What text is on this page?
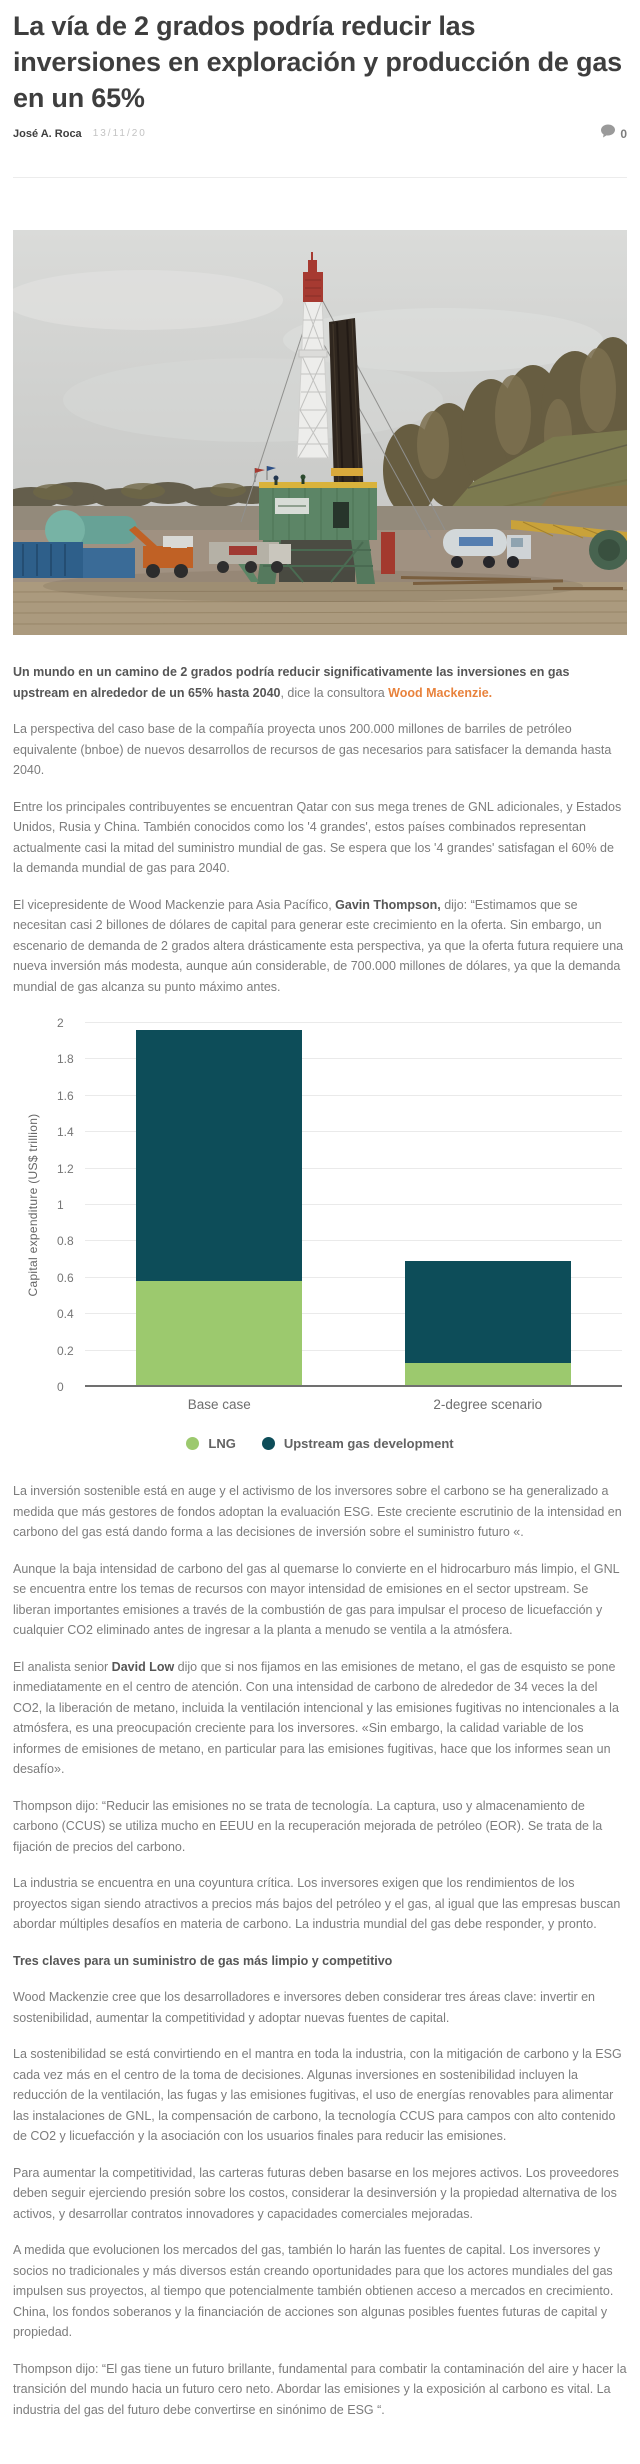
La vía de 2 grados podría reducir las inversiones en exploración y producción de gas en un 65%
José A. Roca 13/11/20	0

Un mundo en un camino de 2 grados podría reducir significativamente las inversiones en gas upstream en alrededor de un 65% hasta 2040, dice la consultora Wood Mackenzie.

La perspectiva del caso base de la compañía proyecta unos 200.000 millones de barriles de petróleo equivalente (bnboe) de nuevos desarrollos de recursos de gas necesarios para satisfacer la demanda hasta 2040.

Entre los principales contribuyentes se encuentran Qatar con sus mega trenes de GNL adicionales, y Estados Unidos, Rusia y China. También conocidos como los '4 grandes', estos países combinados representan actualmente casi la mitad del suministro mundial de gas. Se espera que los '4 grandes' satisfagan el 60% de la demanda mundial de gas para 2040.

El vicepresidente de Wood Mackenzie para Asia Pacífico, Gavin Thompson, dijo: “Estimamos que se necesitan casi 2 billones de dólares de capital para generar este crecimiento en la oferta. Sin embargo, un escenario de demanda de 2 grados altera drásticamente esta perspectiva, ya que la oferta futura requiere una nueva inversión más modesta, aunque aún considerable, de 700.000 millones de dólares, ya que la demanda mundial de gas alcanza su punto máximo antes.

Capital expenditure (US$ trillion)
0
0.2
0.4
0.6
0.8
1
1.2
1.4
1.6
1.8
2
Base case	2-degree scenario
LNG	Upstream gas development

La inversión sostenible está en auge y el activismo de los inversores sobre el carbono se ha generalizado a medida que más gestores de fondos adoptan la evaluación ESG. Este creciente escrutinio de la intensidad en carbono del gas está dando forma a las decisiones de inversión sobre el suministro futuro «.

Aunque la baja intensidad de carbono del gas al quemarse lo convierte en el hidrocarburo más limpio, el GNL se encuentra entre los temas de recursos con mayor intensidad de emisiones en el sector upstream. Se liberan importantes emisiones a través de la combustión de gas para impulsar el proceso de licuefacción y cualquier CO2 eliminado antes de ingresar a la planta a menudo se ventila a la atmósfera.

El analista senior David Low dijo que si nos fijamos en las emisiones de metano, el gas de esquisto se pone inmediatamente en el centro de atención. Con una intensidad de carbono de alrededor de 34 veces la del CO2, la liberación de metano, incluida la ventilación intencional y las emisiones fugitivas no intencionales a la atmósfera, es una preocupación creciente para los inversores. «Sin embargo, la calidad variable de los informes de emisiones de metano, en particular para las emisiones fugitivas, hace que los informes sean un desafío».

Thompson dijo: “Reducir las emisiones no se trata de tecnología. La captura, uso y almacenamiento de carbono (CCUS) se utiliza mucho en EEUU en la recuperación mejorada de petróleo (EOR). Se trata de la fijación de precios del carbono.

La industria se encuentra en una coyuntura crítica. Los inversores exigen que los rendimientos de los proyectos sigan siendo atractivos a precios más bajos del petróleo y el gas, al igual que las empresas buscan abordar múltiples desafíos en materia de carbono. La industria mundial del gas debe responder, y pronto.

Tres claves para un suministro de gas más limpio y competitivo

Wood Mackenzie cree que los desarrolladores e inversores deben considerar tres áreas clave: invertir en sostenibilidad, aumentar la competitividad y adoptar nuevas fuentes de capital.

La sostenibilidad se está convirtiendo en el mantra en toda la industria, con la mitigación de carbono y la ESG cada vez más en el centro de la toma de decisiones. Algunas inversiones en sostenibilidad incluyen la reducción de la ventilación, las fugas y las emisiones fugitivas, el uso de energías renovables para alimentar las instalaciones de GNL, la compensación de carbono, la tecnología CCUS para campos con alto contenido de CO2 y licuefacción y la asociación con los usuarios finales para reducir las emisiones.

Para aumentar la competitividad, las carteras futuras deben basarse en los mejores activos. Los proveedores deben seguir ejerciendo presión sobre los costos, considerar la desinversión y la propiedad alternativa de los activos, y desarrollar contratos innovadores y capacidades comerciales mejoradas.

A medida que evolucionen los mercados del gas, también lo harán las fuentes de capital. Los inversores y socios no tradicionales y más diversos están creando oportunidades para que los actores mundiales del gas impulsen sus proyectos, al tiempo que potencialmente también obtienen acceso a mercados en crecimiento. China, los fondos soberanos y la financiación de acciones son algunas posibles fuentes futuras de capital y propiedad.

Thompson dijo: “El gas tiene un futuro brillante, fundamental para combatir la contaminación del aire y hacer la transición del mundo hacia un futuro cero neto. Abordar las emisiones y la exposición al carbono es vital. La industria del gas del futuro debe convertirse en sinónimo de ESG “.
